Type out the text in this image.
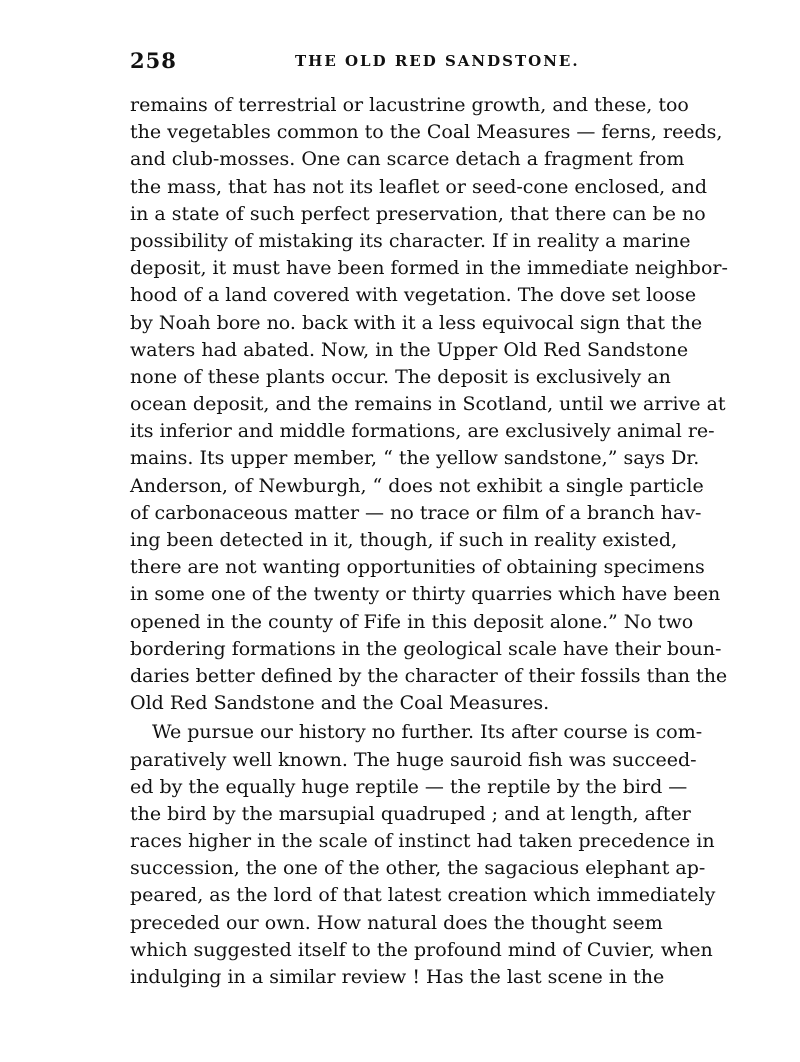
258	THE OLD RED SANDSTONE.
remains of terrestrial or lacustrine growth, and these, too
the vegetables common to the Coal Measures — ferns, reeds,
and club-mosses. One can scarce detach a fragment from
the mass, that has not its leaflet or seed-cone enclosed, and
in a state of such perfect preservation, that there can be no
possibility of mistaking its character. If in reality a marine
deposit, it must have been formed in the immediate neighbor-
hood of a land covered with vegetation. The dove set loose
by Noah bore no. back with it a less equivocal sign that the
waters had abated. Now, in the Upper Old Red Sandstone
none of these plants occur. The deposit is exclusively an
ocean deposit, and the remains in Scotland, until we arrive at
its inferior and middle formations, are exclusively animal re-
mains. Its upper member, “ the yellow sandstone,” says Dr.
Anderson, of Newburgh, “ does not exhibit a single particle
of carbonaceous matter — no trace or film of a branch hav-
ing been detected in it, though, if such in reality existed,
there are not wanting opportunities of obtaining specimens
in some one of the twenty or thirty quarries which have been
opened in the county of Fife in this deposit alone.” No two
bordering formations in the geological scale have their boun-
daries better defined by the character of their fossils than the
Old Red Sandstone and the Coal Measures.
We pursue our history no further. Its after course is com-
paratively well known. The huge sauroid fish was succeed-
ed by the equally huge reptile — the reptile by the bird —
the bird by the marsupial quadruped ; and at length, after
races higher in the scale of instinct had taken precedence in
succession, the one of the other, the sagacious elephant ap-
peared, as the lord of that latest creation which immediately
preceded our own. How natural does the thought seem
which suggested itself to the profound mind of Cuvier, when
indulging in a similar review ! Has the last scene in the
